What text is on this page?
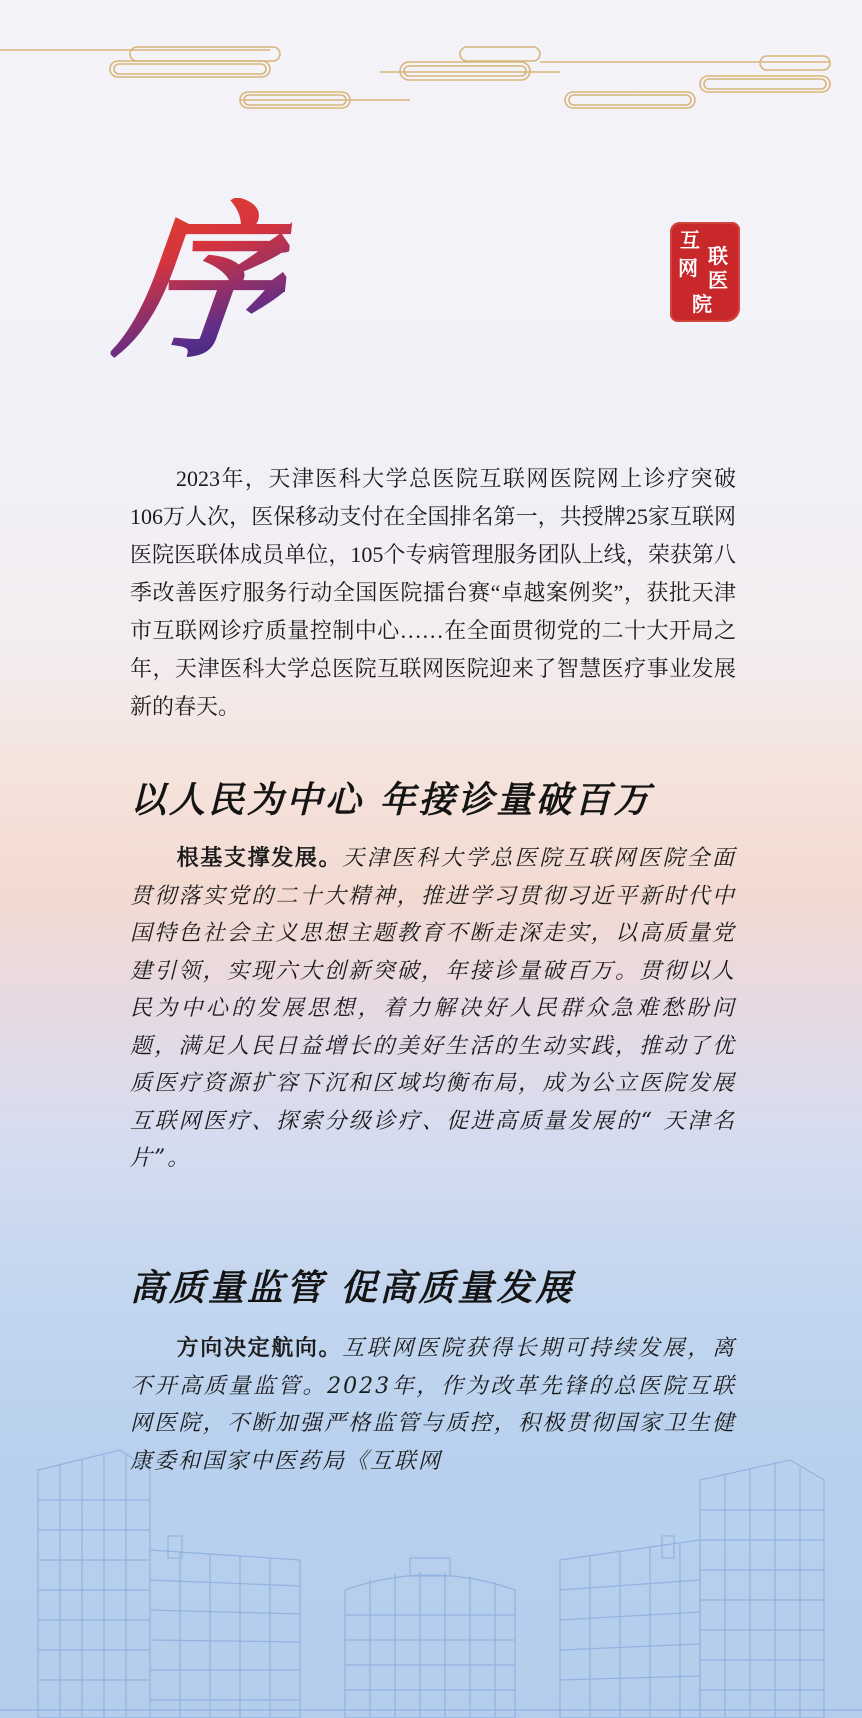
互
联
网 医
院
序

2023年，天津医科大学总医院互联网医院网上诊疗突破106万人次，医保移动支付在全国排名第一，共授牌25家互联网医院医联体成员单位，105个专病管理服务团队上线，荣获第八季改善医疗服务行动全国医院擂台赛“卓越案例奖”，获批天津市互联网诊疗质量控制中心……在全面贯彻党的二十大开局之年，天津医科大学总医院互联网医院迎来了智慧医疗事业发展新的春天。

以人民为中心 年接诊量破百万

根基支撑发展。天津医科大学总医院互联网医院全面贯彻落实党的二十大精神，推进学习贯彻习近平新时代中国特色社会主义思想主题教育不断走深走实，以高质量党建引领，实现六大创新突破，年接诊量破百万。贯彻以人民为中心的发展思想，着力解决好人民群众急难愁盼问题，满足人民日益增长的美好生活的生动实践，推动了优质医疗资源扩容下沉和区域均衡布局，成为公立医院发展互联网医疗、探索分级诊疗、促进高质量发展的“ 天津名片”。

高质量监管 促高质量发展

方向决定航向。互联网医院获得长期可持续发展，离不开高质量监管。2023年，作为改革先锋的总医院互联网医院，不断加强严格监管与质控，积极贯彻国家卫生健康委和国家中医药局《互联网
